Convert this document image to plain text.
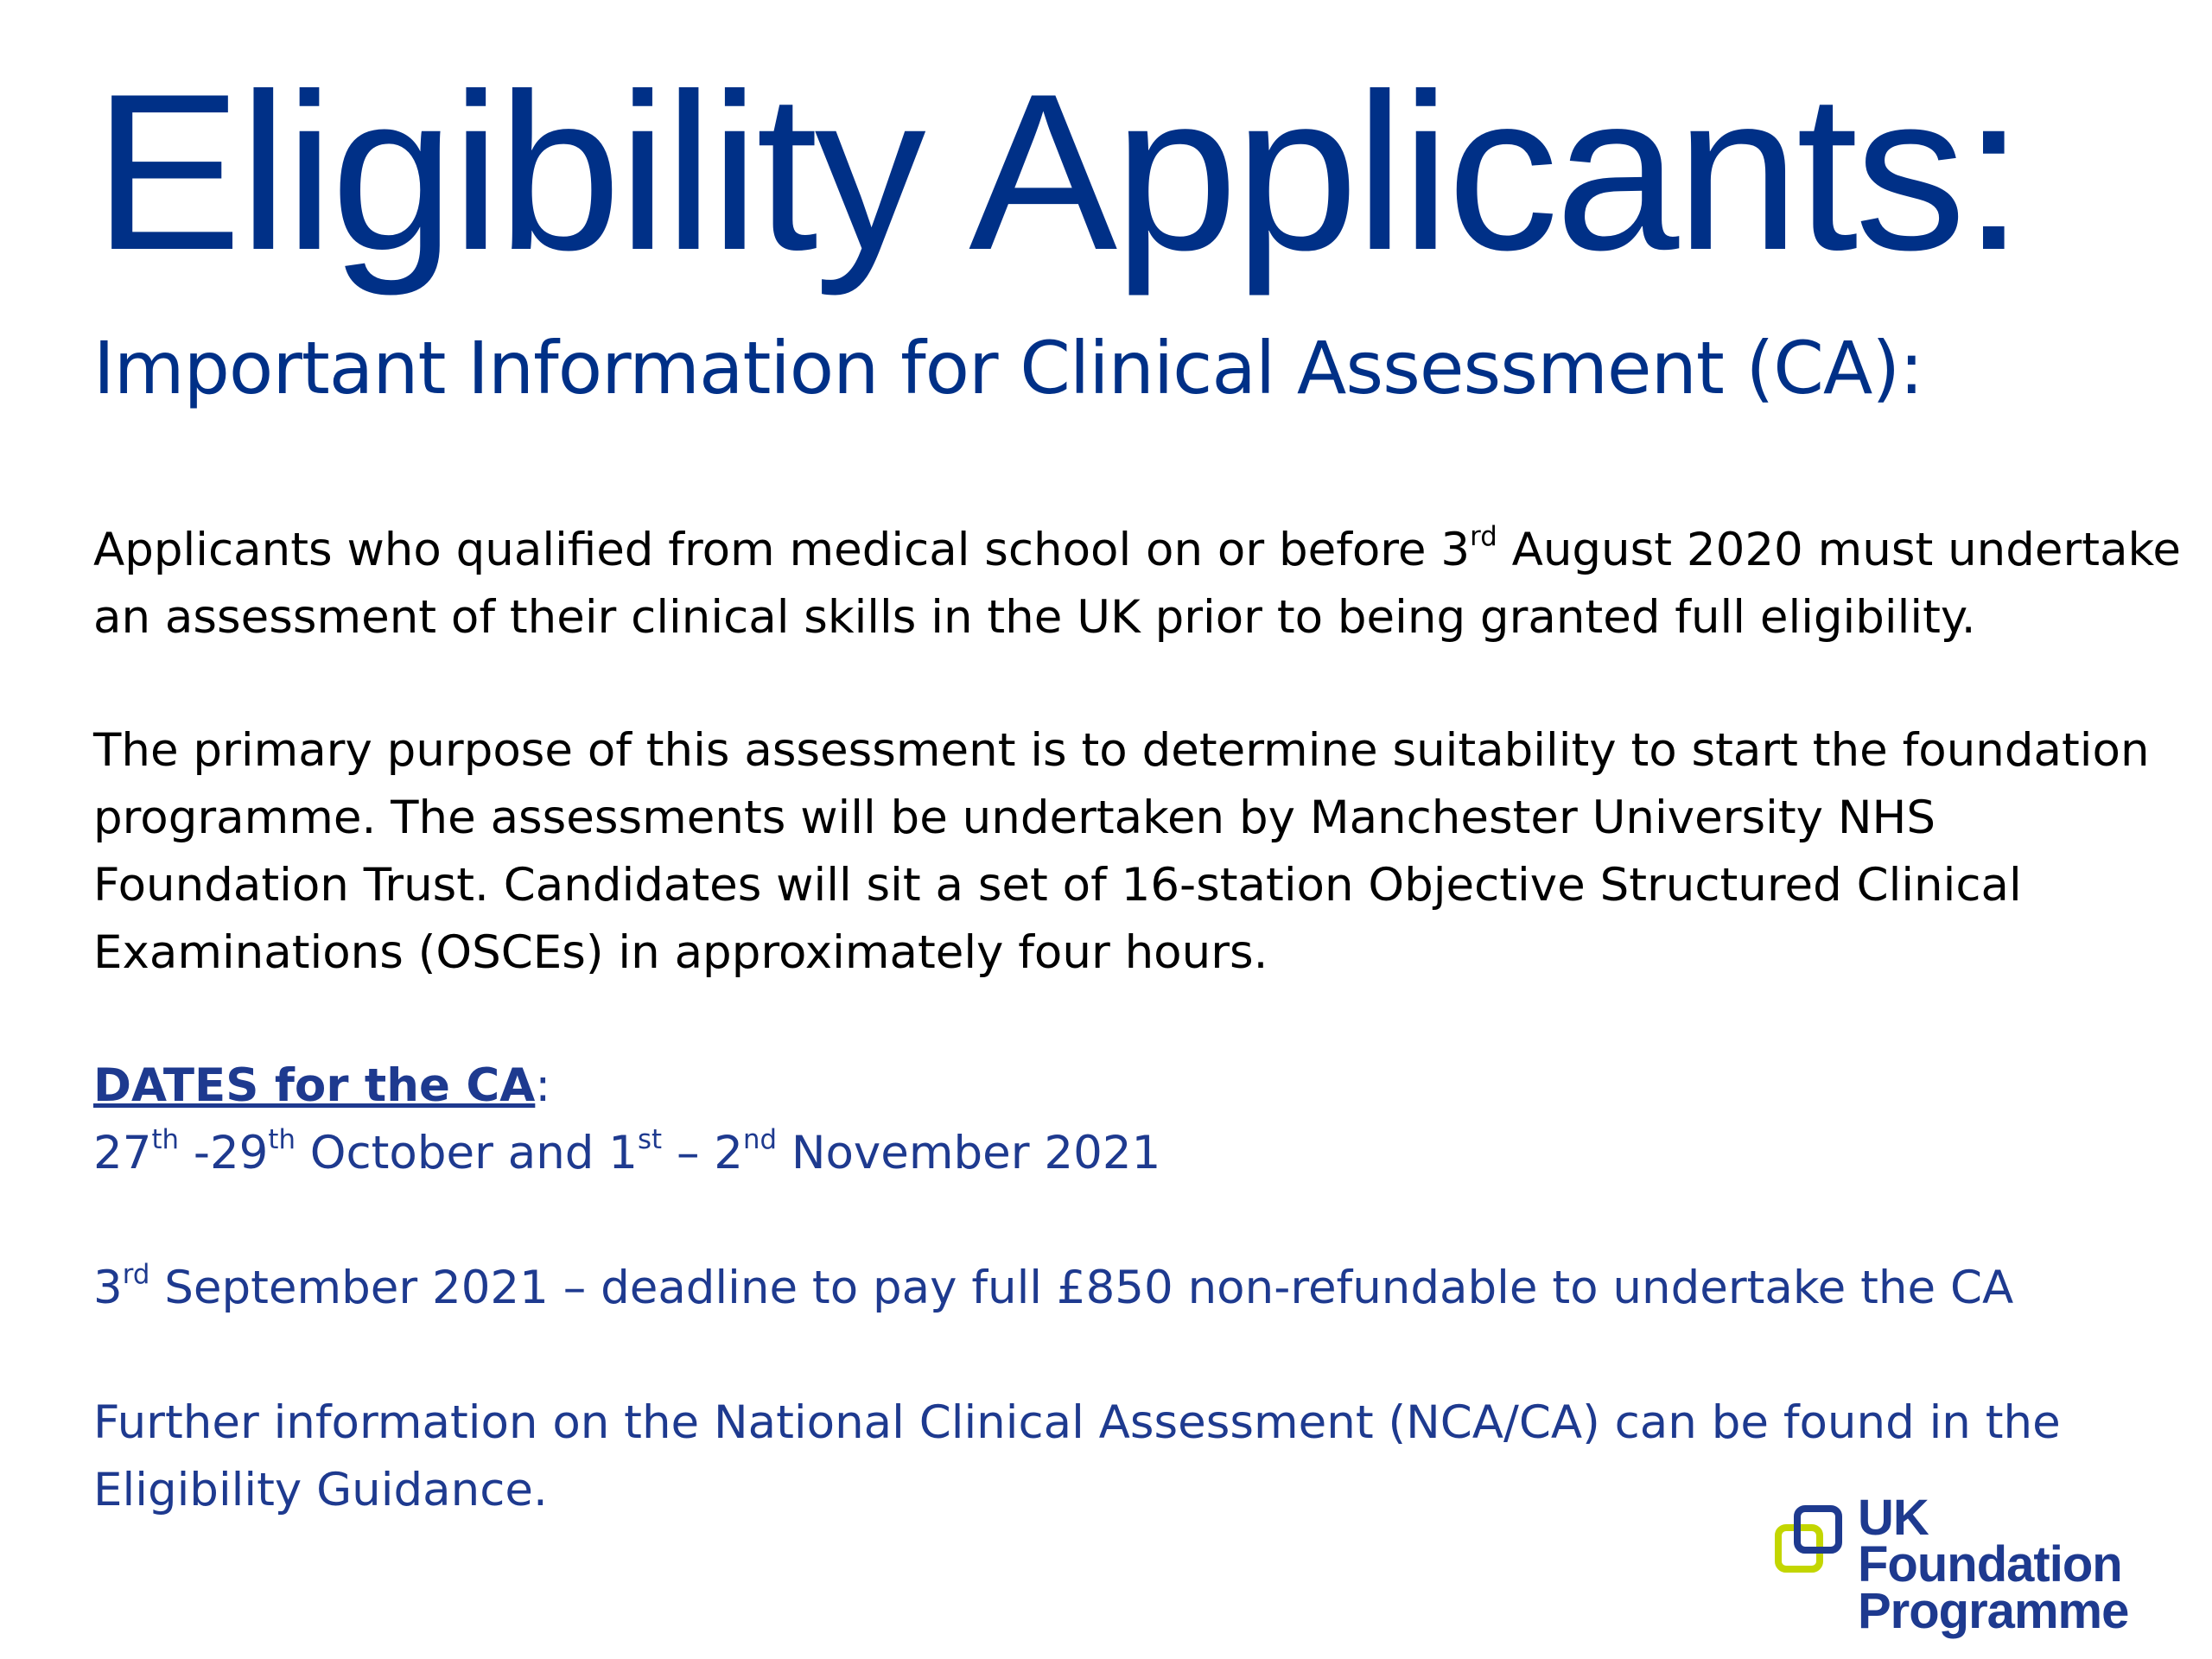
Eligibility Applicants:
Important Information for Clinical Assessment (CA):

Applicants who qualified from medical school on or before 3rd August 2020 must undertake
an assessment of their clinical skills in the UK prior to being granted full eligibility.

The primary purpose of this assessment is to determine suitability to start the foundation
programme. The assessments will be undertaken by Manchester University NHS
Foundation Trust. Candidates will sit a set of 16-station Objective Structured Clinical
Examinations (OSCEs) in approximately four hours.

DATES for the CA:
27th -29th October and 1st – 2nd November 2021

3rd September 2021 – deadline to pay full £850 non-refundable to undertake the CA

Further information on the National Clinical Assessment (NCA/CA) can be found in the
Eligibility Guidance.	UK
Foundation
Programme
